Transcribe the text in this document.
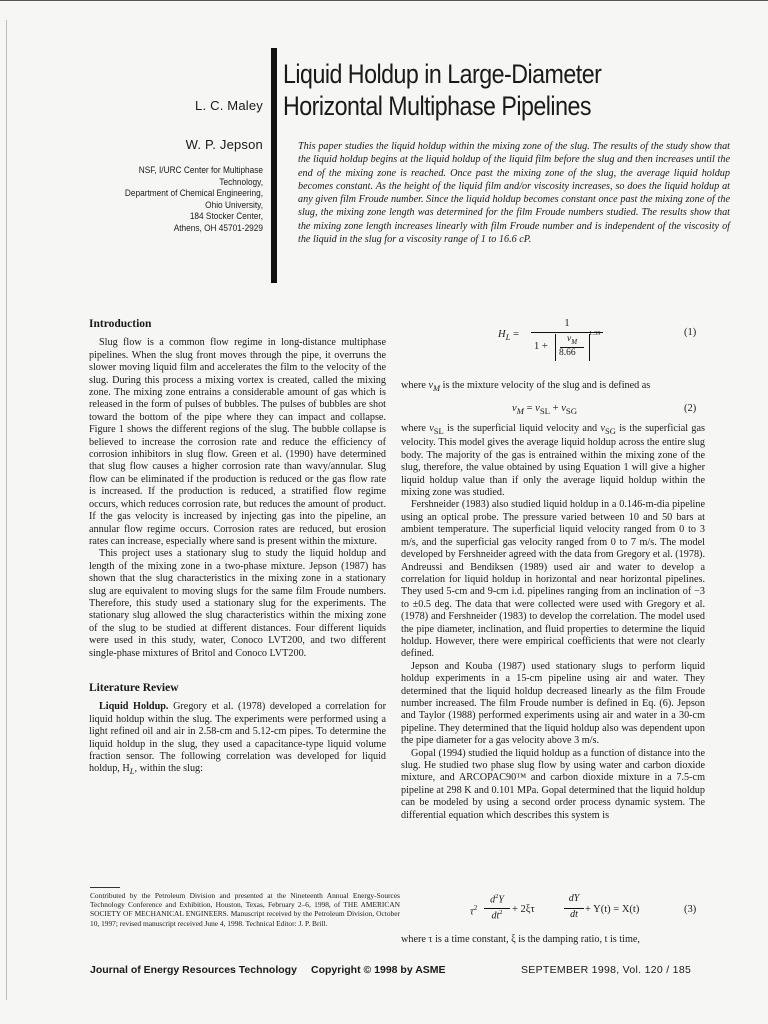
Liquid Holdup in Large-Diameter
Horizontal Multiphase Pipelines
L. C. Maley
W. P. Jepson
NSF, I/URC Center for Multiphase
Technology,
Department of Chemical Engineering,
Ohio University,
184 Stocker Center,
Athens, OH 45701-2929
This paper studies the liquid holdup within the mixing zone of the slug. The results of the study show that the liquid holdup begins at the liquid holdup of the liquid film before the slug and then increases until the end of the mixing zone is reached. Once past the mixing zone of the slug, the average liquid holdup becomes constant. As the height of the liquid film and/or viscosity increases, so does the liquid holdup at any given film Froude number. Since the liquid holdup becomes constant once past the mixing zone of the slug, the mixing zone length was determined for the film Froude numbers studied. The results show that the mixing zone length increases linearly with film Froude number and is independent of the viscosity of the liquid in the slug for a viscosity range of 1 to 16.6 cP.
Introduction

Slug flow is a common flow regime in long-distance multiphase pipelines. When the slug front moves through the pipe, it overruns the slower moving liquid film and accelerates the film to the velocity of the slug. During this process a mixing vortex is created, called the mixing zone. The mixing zone entrains a considerable amount of gas which is released in the form of pulses of bubbles. The pulses of bubbles are shot toward the bottom of the pipe where they can impact and collapse. Figure 1 shows the different regions of the slug. The bubble collapse is believed to increase the corrosion rate and reduce the efficiency of corrosion inhibitors in slug flow. Green et al. (1990) have determined that slug flow causes a higher corrosion rate than wavy/annular. Slug flow can be eliminated if the production is reduced or the gas flow rate is increased. If the production is reduced, a stratified flow regime occurs, which reduces corrosion rate, but reduces the amount of product. If the gas velocity is increased by injecting gas into the pipeline, an annular flow regime occurs. Corrosion rates are reduced, but erosion rates can increase, especially where sand is present within the mixture.

This project uses a stationary slug to study the liquid holdup and length of the mixing zone in a two-phase mixture. Jepson (1987) has shown that the slug characteristics in the mixing zone in a stationary slug are equivalent to moving slugs for the same film Froude numbers. Therefore, this study used a stationary slug for the experiments. The stationary slug allowed the slug characteristics within the mixing zone of the slug to be studied at different distances. Four different liquids were used in this study, water, Conoco LVT200, and two different single-phase mixtures of Britol and Conoco LVT200.

Literature Review

Liquid Holdup. Gregory et al. (1978) developed a correlation for liquid holdup within the slug. The experiments were performed using a light refined oil and air in 2.58-cm and 5.12-cm pipes. To determine the liquid holdup in the slug, they used a capacitance-type liquid volume fraction sensor. The following correlation was developed for liquid holdup, $H_L$, within the slug:

Contributed by the Petroleum Division and presented at the Nineteenth Annual Energy-Sources Technology Conference and Exhibition, Houston, Texas, February 2–6, 1998, of THE AMERICAN SOCIETY OF MECHANICAL ENGINEERS. Manuscript received by the Petroleum Division, October 10, 1997; revised manuscript received June 4, 1998. Technical Editor: J. P. Brill.
$H_L$ =
1
1 +
$v_M$
8.66
1.39	(1)
where $v_M$ is the mixture velocity of the slug and is defined as
$v_M = v_{SL} + v_{SG}$	(2)

where $v_{SL}$ is the superficial liquid velocity and $v_{SG}$ is the superficial gas velocity. This model gives the average liquid holdup across the entire slug body. The majority of the gas is entrained within the mixing zone of the slug, therefore, the value obtained by using Equation 1 will give a higher liquid holdup value than if only the average liquid holdup within the mixing zone was studied.

Fershneider (1983) also studied liquid holdup in a 0.146-m-dia pipeline using an optical probe. The pressure varied between 10 and 50 bars at ambient temperature. The superficial liquid velocity ranged from 0 to 3 m/s, and the superficial gas velocity ranged from 0 to 7 m/s. The model developed by Fershneider agreed with the data from Gregory et al. (1978). Andreussi and Bendiksen (1989) used air and water to develop a correlation for liquid holdup in horizontal and near horizontal pipelines. They used 5-cm and 9-cm i.d. pipelines ranging from an inclination of −3 to ±0.5 deg. The data that were collected were used with Gregory et al. (1978) and Fershneider (1983) to develop the correlation. The model used the pipe diameter, inclination, and fluid properties to determine the liquid holdup. However, there were empirical coefficients that were not clearly defined.

Jepson and Kouba (1987) used stationary slugs to perform liquid holdup experiments in a 15-cm pipeline using air and water. They determined that the liquid holdup decreased linearly as the film Froude number increased. The film Froude number is defined in Eq. (6). Jepson and Taylor (1988) performed experiments using air and water in a 30-cm pipeline. They determined that the liquid holdup also was dependent upon the pipe diameter for a gas velocity above 3 m/s.

Gopal (1994) studied the liquid holdup as a function of distance into the slug. He studied two phase slug flow by using water and carbon dioxide mixture, and ARCOPAC90™ and carbon dioxide mixture in a 7.5-cm pipeline at 298 K and 0.101 MPa. Gopal determined that the liquid holdup can be modeled by using a second order process dynamic system. The differential equation which describes this system is

$\tau^2$
$d^2Y$
$dt^2 + 2\xi\tau$
dY
dt + Y(t) = X(t)	(3)
where τ is a time constant, ξ is the damping ratio, t is time,
Journal of Energy Resources Technology Copyright © 1998 by ASME	SEPTEMBER 1998, Vol. 120 / 185
